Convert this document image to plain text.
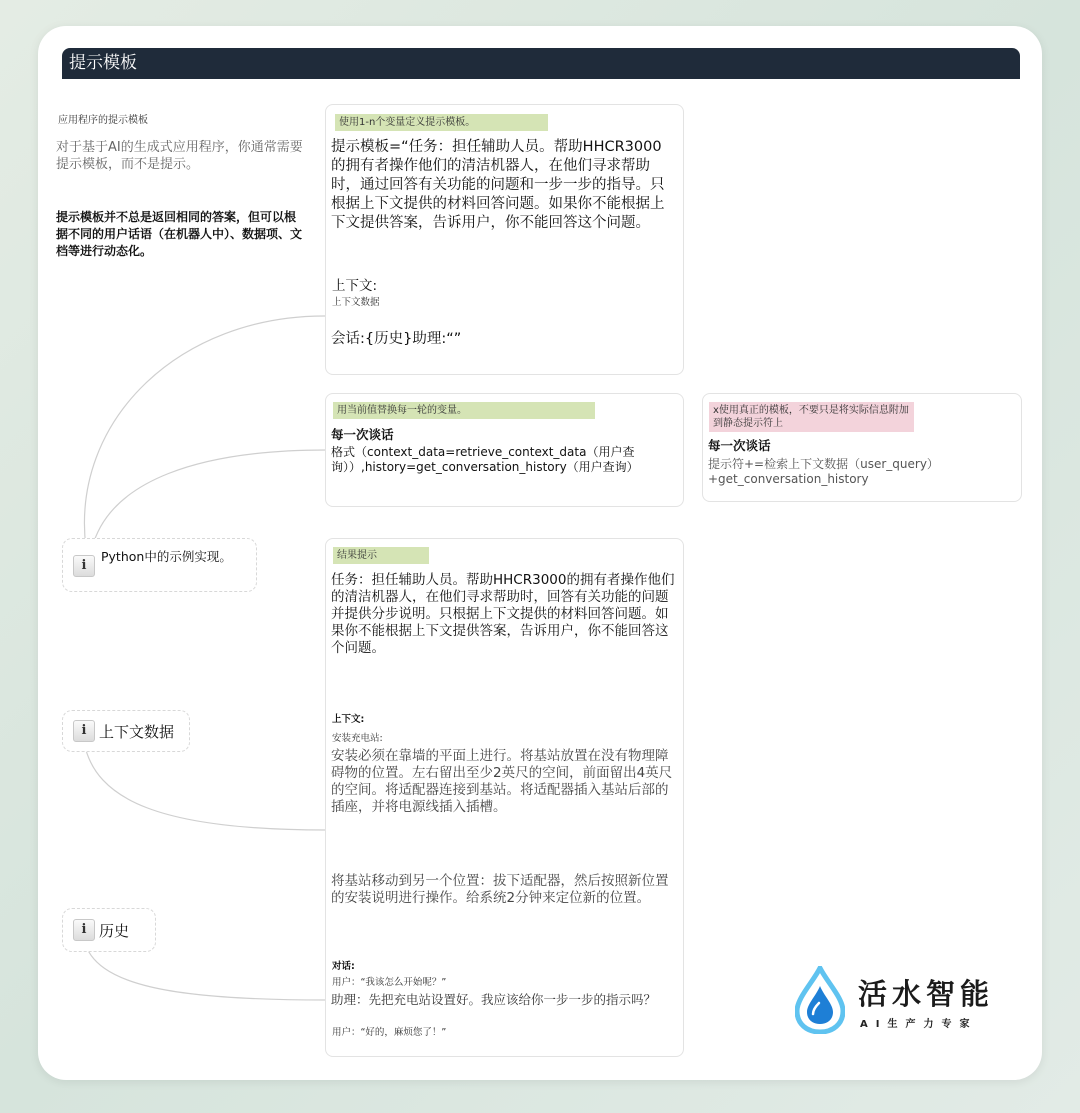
提示模板
应用程序的提示模板
对于基于AI的生成式应用程序，你通常需要提示模板，而不是提示。
提示模板并不总是返回相同的答案，但可以根据不同的用户话语（在机器人中）、数据项、文档等进行动态化。
i
Python中的示例实现。
i 上下文数据
i 历史
使用1-n个变量定义提示模板。
提示模板=“任务：担任辅助人员。帮助HHCR3000的拥有者操作他们的清洁机器人，在他们寻求帮助时，通过回答有关功能的问题和一步一步的指导。只根据上下文提供的材料回答问题。如果你不能根据上下文提供答案，告诉用户，你不能回答这个问题。
上下文:
上下文数据
会话:{历史}助理:“”
用当前值替换每一轮的变量。
每一次谈话
格式（context_data=retrieve_context_data（用户查询））,history=get_conversation_history（用户查询）
x使用真正的模板，不要只是将实际信息附加到静态提示符上
每一次谈话
提示符+=检索上下文数据（user_query）+get_conversation_history
结果提示
任务：担任辅助人员。帮助HHCR3000的拥有者操作他们的清洁机器人，在他们寻求帮助时，回答有关功能的问题并提供分步说明。只根据上下文提供的材料回答问题。如果你不能根据上下文提供答案，告诉用户，你不能回答这个问题。
上下文:
安装充电站:
安装必须在靠墙的平面上进行。将基站放置在没有物理障碍物的位置。左右留出至少2英尺的空间，前面留出4英尺的空间。将适配器连接到基站。将适配器插入基站后部的插座，并将电源线插入插槽。
将基站移动到另一个位置：拔下适配器，然后按照新位置的安装说明进行操作。给系统2分钟来定位新的位置。
对话:
用户：“我该怎么开始呢？”
助理：先把充电站设置好。我应该给你一步一步的指示吗？
用户：“好的，麻烦您了！”
活水智能
AI生产力专家
